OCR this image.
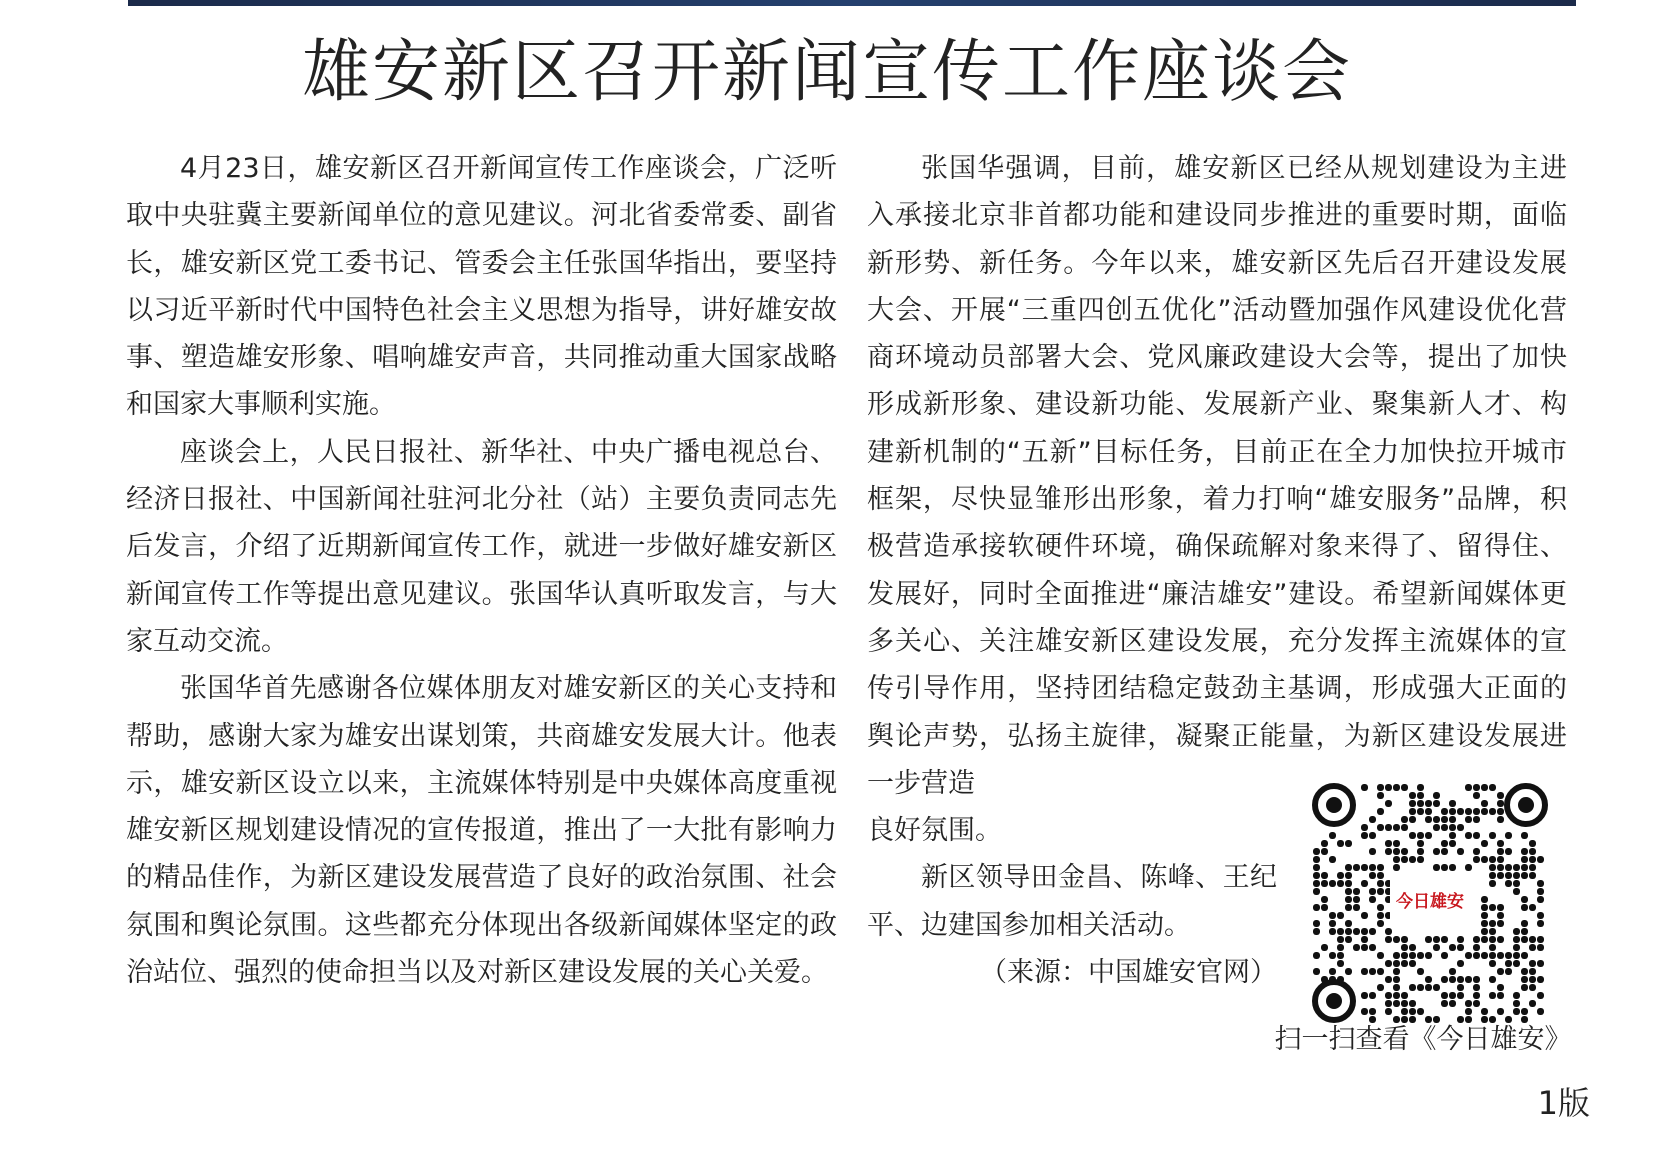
雄安新区召开新闻宣传工作座谈会

4月23日，雄安新区召开新闻宣传工作座谈会，广泛听取中央驻冀主要新闻单位的意见建议。河北省委常委、副省长，雄安新区党工委书记、管委会主任张国华指出，要坚持以习近平新时代中国特色社会主义思想为指导，讲好雄安故事、塑造雄安形象、唱响雄安声音，共同推动重大国家战略和国家大事顺利实施。

座谈会上，人民日报社、新华社、中央广播电视总台、经济日报社、中国新闻社驻河北分社（站）主要负责同志先后发言，介绍了近期新闻宣传工作，就进一步做好雄安新区新闻宣传工作等提出意见建议。张国华认真听取发言，与大家互动交流。

张国华首先感谢各位媒体朋友对雄安新区的关心支持和帮助，感谢大家为雄安出谋划策，共商雄安发展大计。他表示，雄安新区设立以来，主流媒体特别是中央媒体高度重视雄安新区规划建设情况的宣传报道，推出了一大批有影响力的精品佳作，为新区建设发展营造了良好的政治氛围、社会氛围和舆论氛围。这些都充分体现出各级新闻媒体坚定的政治站位、强烈的使命担当以及对新区建设发展的关心关爱。

张国华强调，目前，雄安新区已经从规划建设为主进入承接北京非首都功能和建设同步推进的重要时期，面临新形势、新任务。今年以来，雄安新区先后召开建设发展大会、开展“三重四创五优化”活动暨加强作风建设优化营商环境动员部署大会、党风廉政建设大会等，提出了加快形成新形象、建设新功能、发展新产业、聚集新人才、构建新机制的“五新”目标任务，目前正在全力加快拉开城市框架，尽快显雏形出形象，着力打响“雄安服务”品牌，积极营造承接软硬件环境，确保疏解对象来得了、留得住、发展好，同时全面推进“廉洁雄安”建设。希望新闻媒体更多关心、关注雄安新区建设发展，充分发挥主流媒体的宣传引导作用，坚持团结稳定鼓劲主基调，形成强大正面的舆论声势，弘扬主旋律，凝聚正能量，为新区建设发展进一步营造

良好氛围。

新区领导田金昌、陈峰、王纪平、边建国参加相关活动。

（来源：中国雄安官网）

今日雄安
扫一扫查看《今日雄安》
1版
